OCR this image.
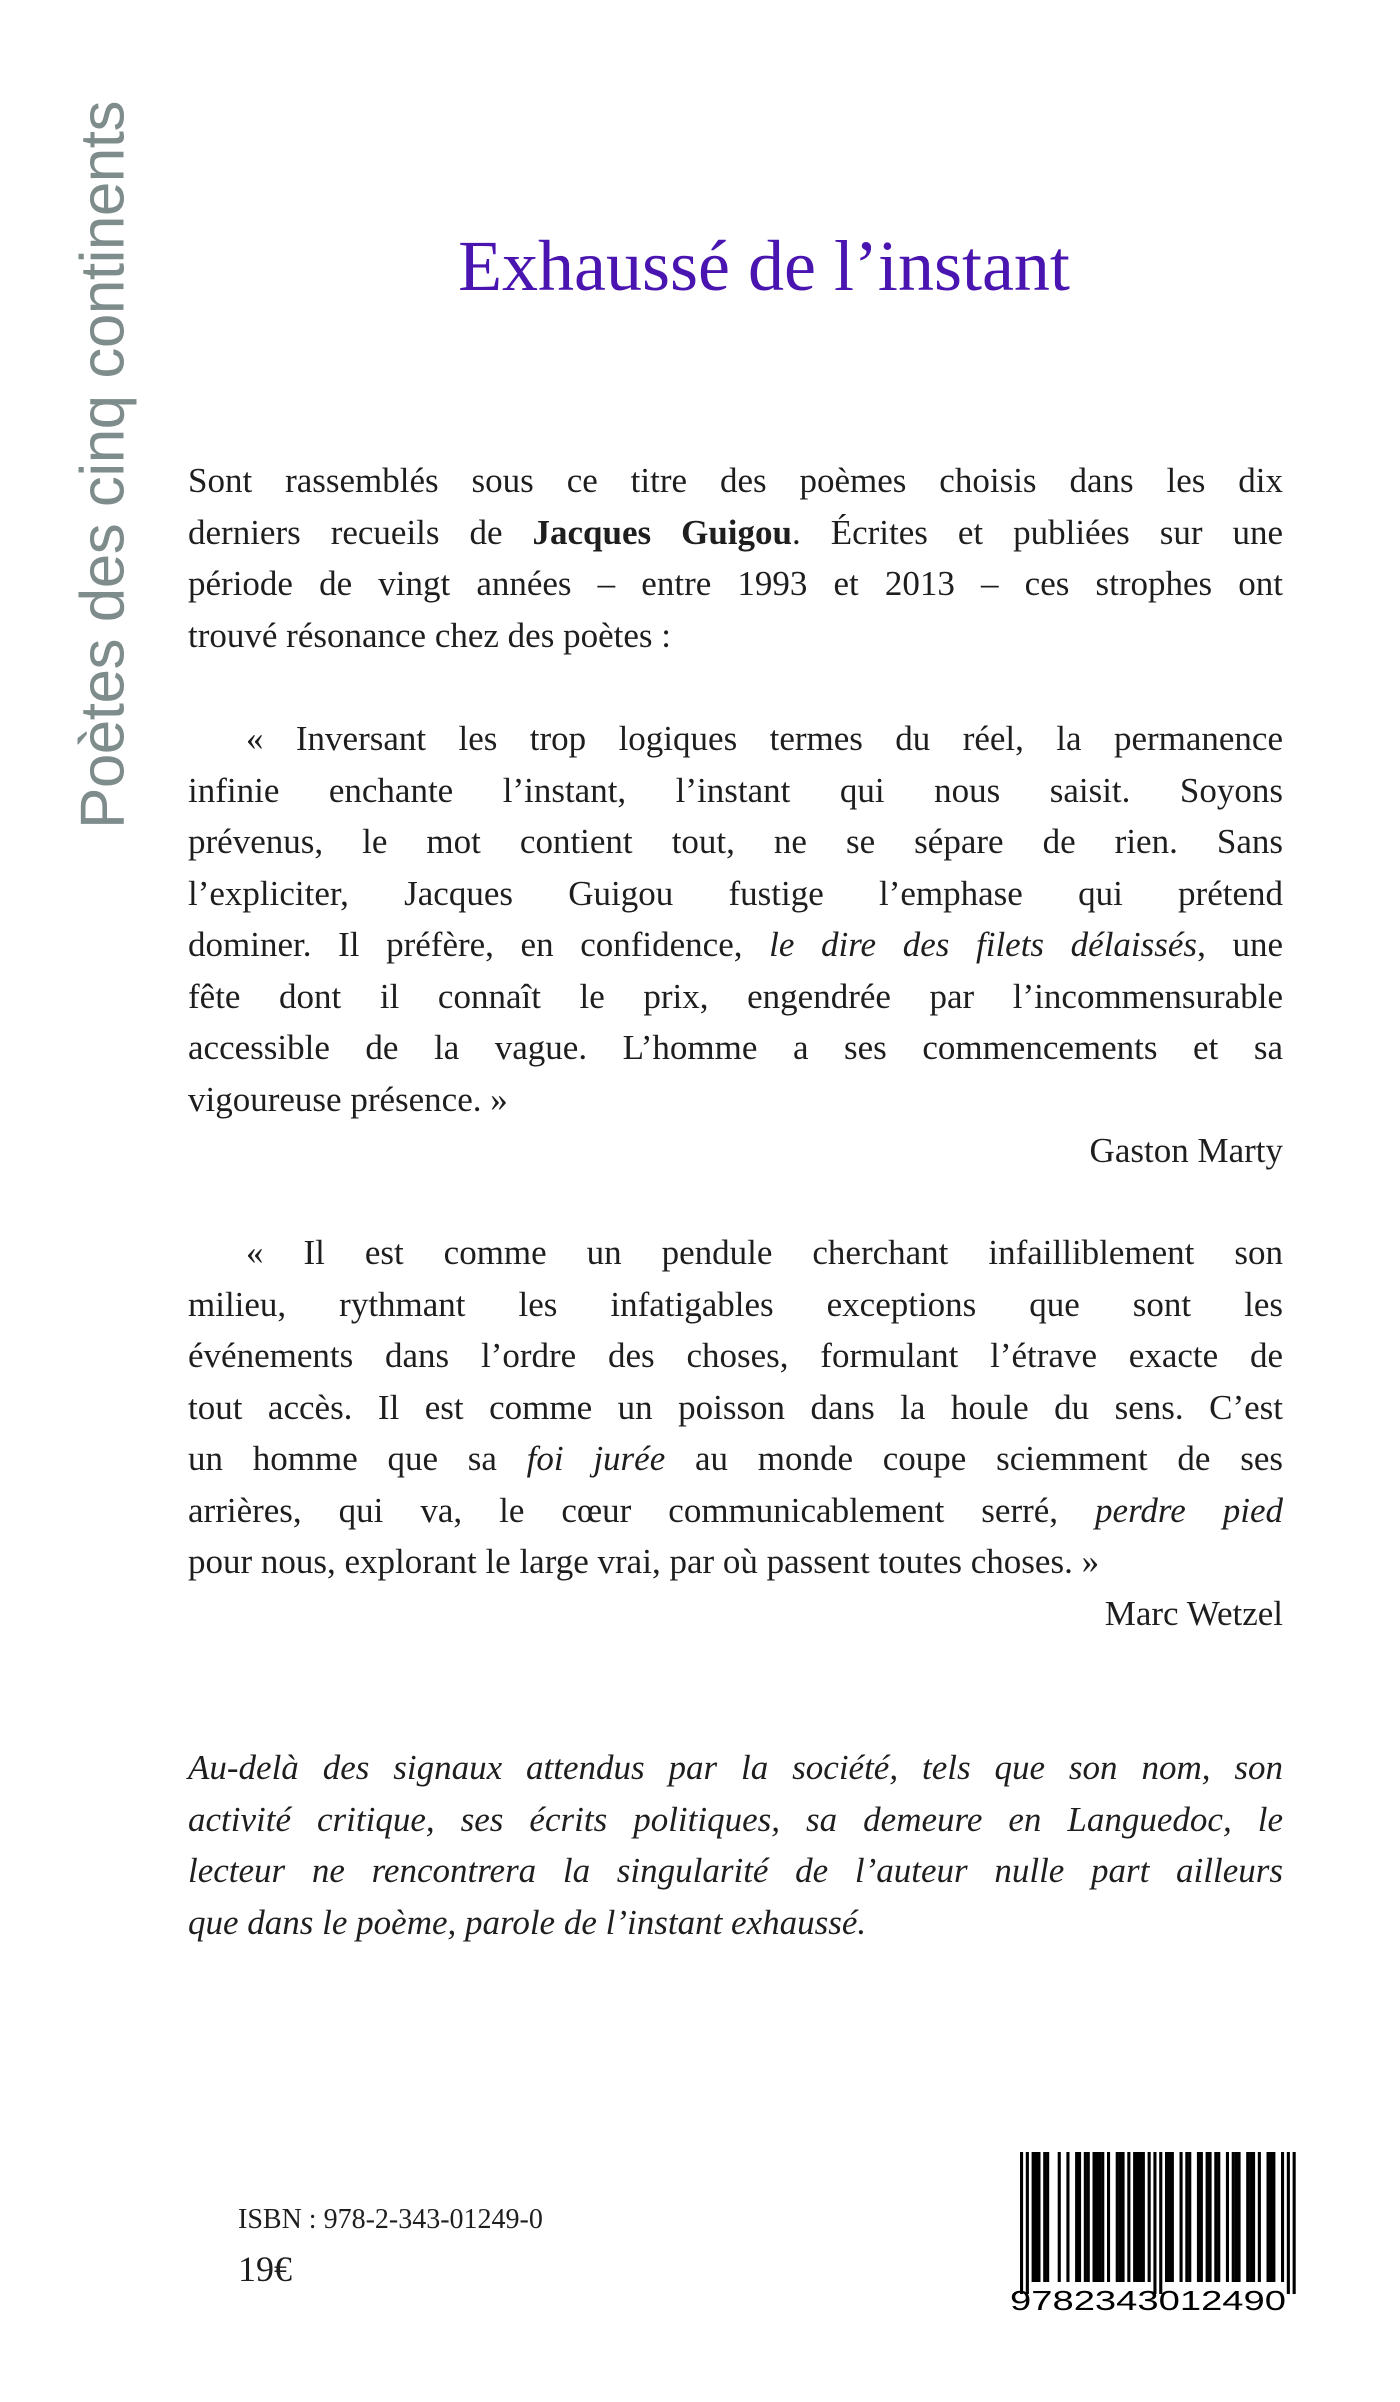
Poètes des cinq continents	Exhaussé de l’instant
Sont rassemblés sous ce titre des poèmes choisis dans les dix
derniers recueils de Jacques Guigou. Écrites et publiées sur une
période de vingt années – entre 1993 et 2013 – ces strophes ont
trouvé résonance chez des poètes :
« Inversant les trop logiques termes du réel, la permanence
infinie enchante l’instant, l’instant qui nous saisit. Soyons
prévenus, le mot contient tout, ne se sépare de rien. Sans
l’expliciter, Jacques Guigou fustige l’emphase qui prétend
dominer. Il préfère, en confidence, le dire des filets délaissés, une
fête dont il connaît le prix, engendrée par l’incommensurable
accessible de la vague. L’homme a ses commencements et sa
vigoureuse présence. »
Gaston Marty
« Il est comme un pendule cherchant infailliblement son
milieu, rythmant les infatigables exceptions que sont les
événements dans l’ordre des choses, formulant l’étrave exacte de
tout accès. Il est comme un poisson dans la houle du sens. C’est
un homme que sa foi jurée au monde coupe sciemment de ses
arrières, qui va, le cœur communicablement serré, perdre pied
pour nous, explorant le large vrai, par où passent toutes choses. »
Marc Wetzel
Au-delà des signaux attendus par la société, tels que son nom, son
activité critique, ses écrits politiques, sa demeure en Languedoc, le
lecteur ne rencontrera la singularité de l’auteur nulle part ailleurs
que dans le poème, parole de l’instant exhaussé.
ISBN : 978-2-343-01249-0
19€
9782343012490
